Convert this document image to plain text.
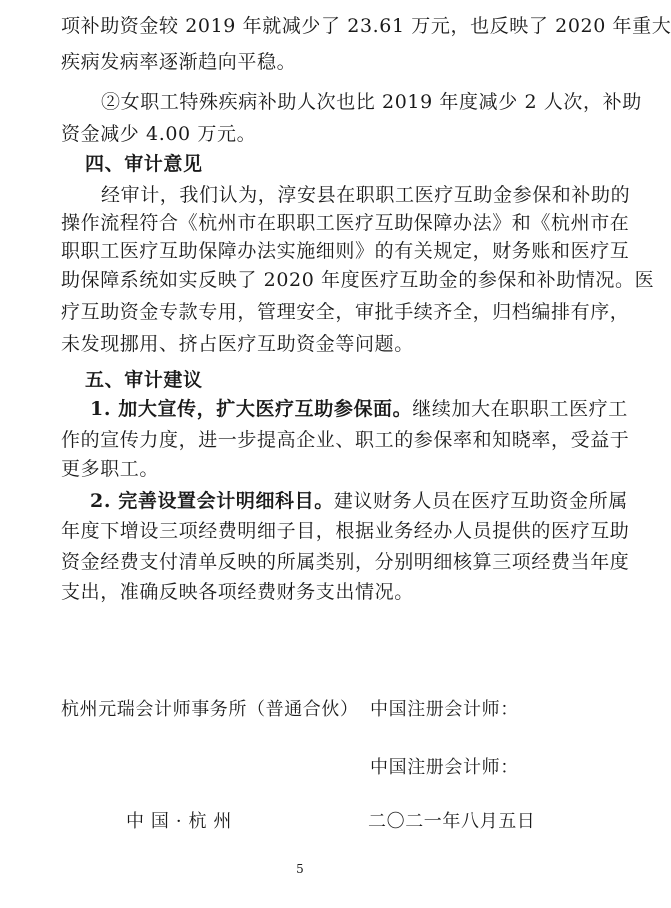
项补助资金较 2019 年就减少了 23.61 万元，也反映了 2020 年重大
疾病发病率逐渐趋向平稳。
②女职工特殊疾病补助人次也比 2019 年度减少 2 人次，补助
资金减少 4.00 万元。
四、审计意见
经审计，我们认为，淳安县在职职工医疗互助金参保和补助的
操作流程符合《杭州市在职职工医疗互助保障办法》和《杭州市在
职职工医疗互助保障办法实施细则》的有关规定，财务账和医疗互
助保障系统如实反映了 2020 年度医疗互助金的参保和补助情况。医
疗互助资金专款专用，管理安全，审批手续齐全，归档编排有序，
未发现挪用、挤占医疗互助资金等问题。
五、审计建议
1. 加大宣传，扩大医疗互助参保面。继续加大在职职工医疗工
作的宣传力度，进一步提高企业、职工的参保率和知晓率，受益于
更多职工。
2. 完善设置会计明细科目。建议财务人员在医疗互助资金所属
年度下增设三项经费明细子目，根据业务经办人员提供的医疗互助
资金经费支付清单反映的所属类别，分别明细核算三项经费当年度
支出，准确反映各项经费财务支出情况。
杭州元瑞会计师事务所（普通合伙） 中国注册会计师：
中国注册会计师：
中 国 · 杭 州	二〇二一年八月五日
5
